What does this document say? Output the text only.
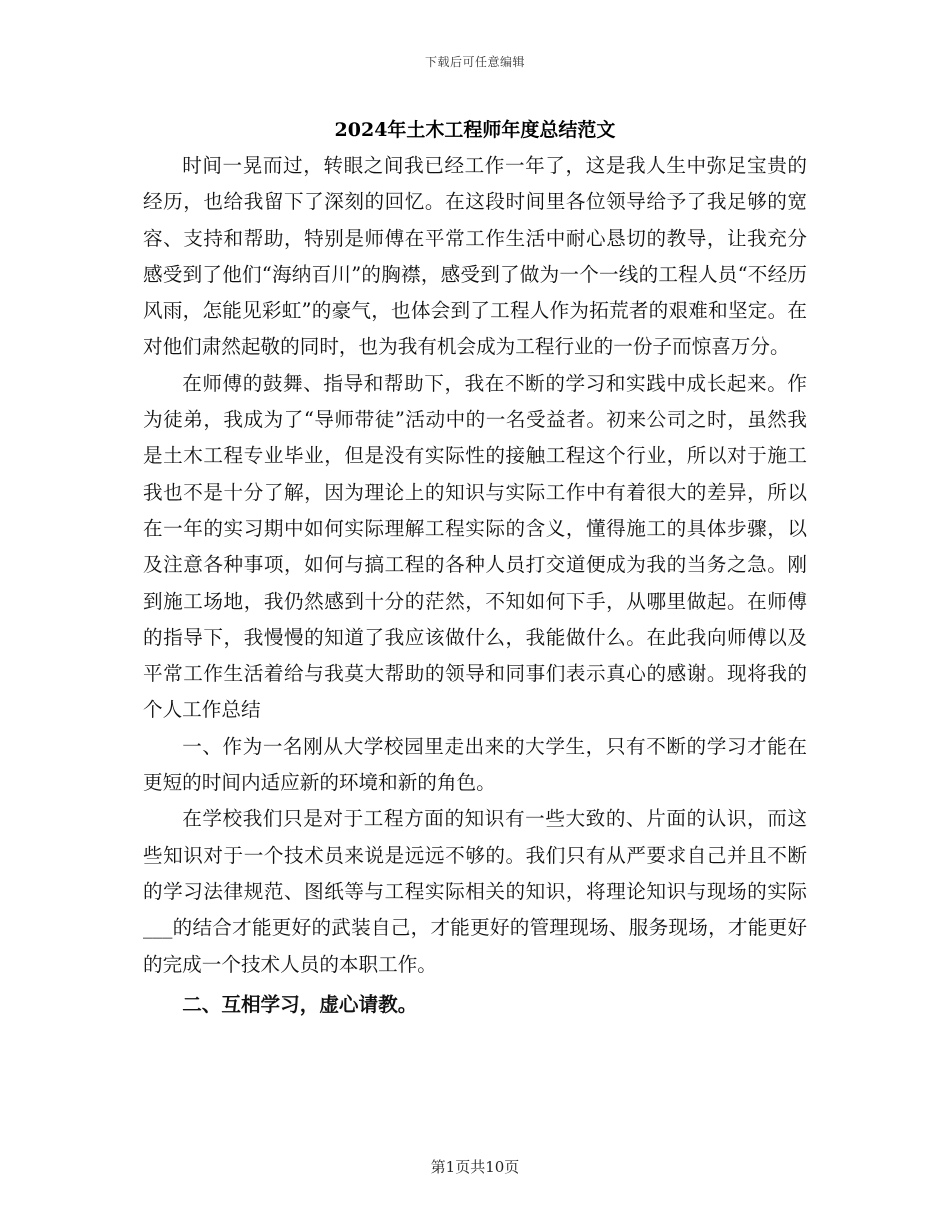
下载后可任意编辑
2024年土木工程师年度总结范文

时间一晃而过，转眼之间我已经工作一年了，这是我人生中弥足宝贵的经历，也给我留下了深刻的回忆。在这段时间里各位领导给予了我足够的宽容、支持和帮助，特别是师傅在平常工作生活中耐心恳切的教导，让我充分感受到了他们“海纳百川”的胸襟，感受到了做为一个一线的工程人员“不经历风雨，怎能见彩虹”的豪气，也体会到了工程人作为拓荒者的艰难和坚定。在对他们肃然起敬的同时，也为我有机会成为工程行业的一份子而惊喜万分。

在师傅的鼓舞、指导和帮助下，我在不断的学习和实践中成长起来。作为徒弟，我成为了“导师带徒”活动中的一名受益者。初来公司之时，虽然我是土木工程专业毕业，但是没有实际性的接触工程这个行业，所以对于施工我也不是十分了解，因为理论上的知识与实际工作中有着很大的差异，所以在一年的实习期中如何实际理解工程实际的含义，懂得施工的具体步骤，以及注意各种事项，如何与搞工程的各种人员打交道便成为我的当务之急。刚到施工场地，我仍然感到十分的茫然，不知如何下手，从哪里做起。在师傅的指导下，我慢慢的知道了我应该做什么，我能做什么。在此我向师傅以及平常工作生活着给与我莫大帮助的领导和同事们表示真心的感谢。现将我的个人工作总结

一、作为一名刚从大学校园里走出来的大学生，只有不断的学习才能在更短的时间内适应新的环境和新的角色。

在学校我们只是对于工程方面的知识有一些大致的、片面的认识，而这些知识对于一个技术员来说是远远不够的。我们只有从严要求自己并且不断的学习法律规范、图纸等与工程实际相关的知识，将理论知识与现场的实际___的结合才能更好的武装自己，才能更好的管理现场、服务现场，才能更好的完成一个技术人员的本职工作。

二、互相学习，虚心请教。

第1页共10页
